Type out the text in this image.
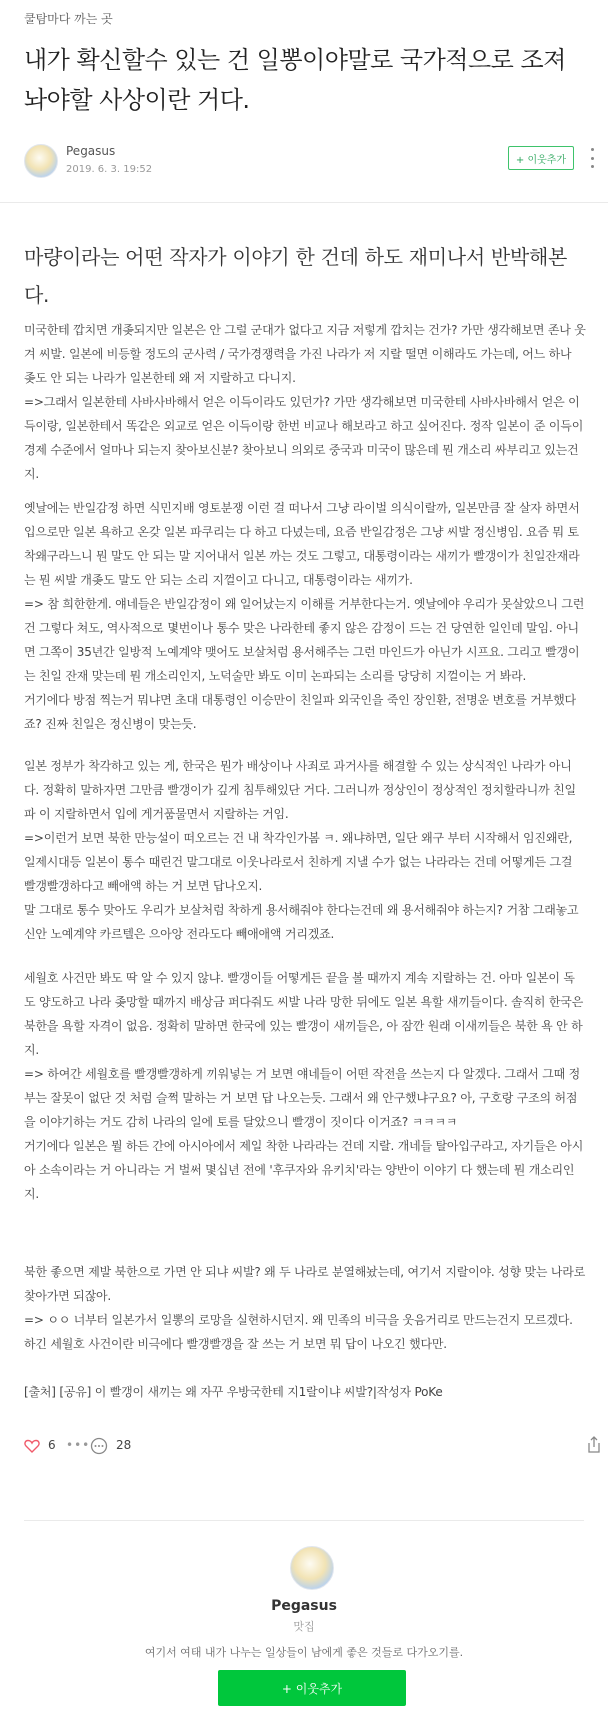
쿨탐마다 까는 곳
내가 확신할수 있는 건 일뽕이야말로 국가적으로 조져놔야할 사상이란 거다.
Pegasus
2019. 6. 3. 19:52
+ 이웃추가
마량이라는 어떤 작자가 이야기 한 건데 하도 재미나서 반박해본다.
미국한테 깝치면 개좆되지만 일본은 안 그럴 군대가 없다고 지금 저렇게 깝치는 건가? 가만 생각해보면 존나 웃겨 씨발. 일본에 비등할 정도의 군사력 / 국가경쟁력을 가진 나라가 저 지랄 떨면 이해라도 가는데, 어느 하나 좆도 안 되는 나라가 일본한테 왜 저 지랄하고 다니지.
=>그래서 일본한테 사바사바해서 얻은 이득이라도 있던가? 가만 생각해보면 미국한테 사바사바해서 얻은 이득이랑, 일본한테서 똑같은 외교로 얻은 이득이랑 한번 비교나 해보라고 하고 싶어진다. 정작 일본이 준 이득이 경제 수준에서 얼마나 되는지 찾아보신분? 찾아보니 의외로 중국과 미국이 많은데 뭔 개소리 싸부리고 있는건지.
옛날에는 반일감정 하면 식민지배 영토분쟁 이런 걸 떠나서 그냥 라이벌 의식이랄까, 일본만큼 잘 살자 하면서 입으로만 일본 욕하고 온갖 일본 파쿠리는 다 하고 다녔는데, 요즘 반일감정은 그냥 씨발 정신병임. 요즘 뭐 토착왜구라느니 뭔 말도 안 되는 말 지어내서 일본 까는 것도 그렇고, 대통령이라는 새끼가 빨갱이가 친일잔재라는 뭔 씨발 개좆도 말도 안 되는 소리 지껄이고 다니고, 대통령이라는 새끼가.
=> 참 희한한게. 얘네들은 반일감정이 왜 일어났는지 이해를 거부한다는거. 옛날에야 우리가 못살았으니 그런 건 그렇다 쳐도, 역사적으로 몇번이나 통수 맞은 나라한테 좋지 않은 감정이 드는 건 당연한 일인데 말임. 아니면 그쪽이 35년간 일방적 노예계약 맺어도 보살처럼 용서해주는 그런 마인드가 아닌가 시프요. 그리고 빨갱이는 친일 잔재 맞는데 뭔 개소리인지, 노덕술만 봐도 이미 논파되는 소리를 당당히 지껄이는 거 봐라.
거기에다 방점 찍는거 뭐냐면 초대 대통령인 이승만이 친일파 외국인을 죽인 장인환, 전명운 변호를 거부했다죠? 진짜 친일은 정신병이 맞는듯.
일본 정부가 착각하고 있는 게, 한국은 뭔가 배상이나 사죄로 과거사를 해결할 수 있는 상식적인 나라가 아니다. 정확히 말하자면 그만큼 빨갱이가 깊게 침투해있단 거다. 그러니까 정상인이 정상적인 정치할라니까 친일파 이 지랄하면서 입에 게거품물면서 지랄하는 거임.
=>이런거 보면 북한 만능설이 떠오르는 건 내 착각인가봄 ㅋ. 왜냐하면, 일단 왜구 부터 시작해서 임진왜란, 일제시대등 일본이 통수 때린건 말그대로 이웃나라로서 친하게 지낼 수가 없는 나라라는 건데 어떻게든 그걸 빨갱빨갱하다고 빼애액 하는 거 보면 답나오지.
말 그대로 통수 맞아도 우리가 보살처럼 착하게 용서해줘야 한다는건데 왜 용서해줘야 하는지? 거참 그래놓고 신안 노예계약 카르텔은 으아앙 전라도다 빼애애액 거리겠죠.
세월호 사건만 봐도 딱 알 수 있지 않냐. 빨갱이들 어떻게든 끝을 볼 때까지 계속 지랄하는 건. 아마 일본이 독도 양도하고 나라 좆망할 때까지 배상금 퍼다줘도 씨발 나라 망한 뒤에도 일본 욕할 새끼들이다. 솔직히 한국은 북한을 욕할 자격이 없음. 정확히 말하면 한국에 있는 빨갱이 새끼들은, 아 잠깐 원래 이새끼들은 북한 욕 안 하지.
=> 하여간 세월호를 빨갱빨갱하게 끼워넣는 거 보면 얘네들이 어떤 작전을 쓰는지 다 알겠다. 그래서 그때 정부는 잘못이 없단 것 처럼 슬쩍 말하는 거 보면 답 나오는듯. 그래서 왜 안구했냐구요? 아, 구호랑 구조의 허점을 이야기하는 거도 감히 나라의 일에 토를 달았으니 빨갱이 짓이다 이거죠? ㅋㅋㅋㅋ
거기에다 일본은 뭘 하든 간에 아시아에서 제일 착한 나라라는 건데 지랄. 개네들 탈아입구라고, 자기들은 아시아 소속이라는 거 아니라는 거 벌써 몇십년 전에 '후쿠자와 유키치'라는 양반이 이야기 다 했는데 뭔 개소리인지.
북한 좋으면 제발 북한으로 가면 안 되냐 씨발? 왜 두 나라로 분열해놨는데, 여기서 지랄이야. 성향 맞는 나라로 찾아가면 되잖아.
=> ㅇㅇ 너부터 일본가서 일뽕의 로망을 실현하시던지. 왜 민족의 비극을 웃음거리로 만드는건지 모르겠다. 하긴 세월호 사건이란 비극에다 빨갱빨갱을 잘 쓰는 거 보면 뭐 답이 나오긴 했다만.
[출처] [공유] 이 빨갱이 새끼는 왜 자꾸 우방국한테 지1랄이냐 씨발?|작성자 PoKe
6 ••• 28
Pegasus
맛집
여기서 여태 내가 나누는 일상들이 남에게 좋은 것들로 다가오기를.
+ 이웃추가
